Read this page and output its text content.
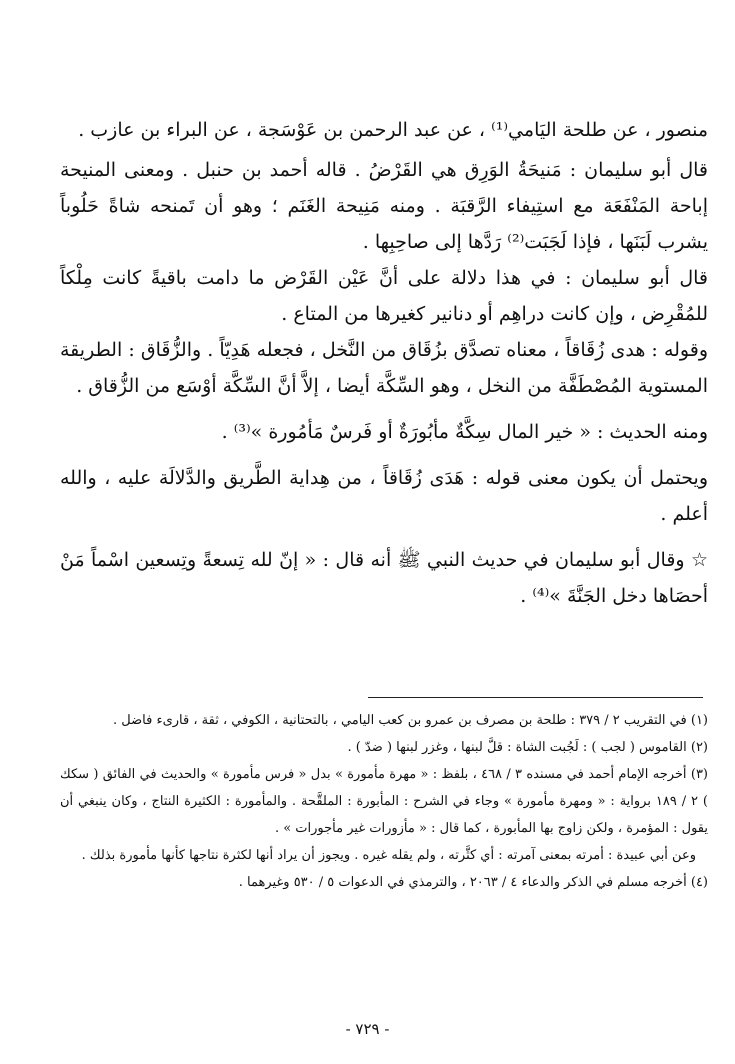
منصور ، عن طلحة اليَامي⁽¹⁾ ، عن عبد الرحمن بن عَوْسَجة ، عن البراء بن عازب .

قال أبو سليمان : مَنيحَةُ الوَرِق هي القَرْضُ . قاله أحمد بن حنبل . ومعنى المنيحة إباحة المَنْفَعَة مع استِيفاء الرَّقبَة . ومنه مَنِيحة الغَنَم ؛ وهو أن تَمنحه شاةً حَلُوباً يشرب لَبَنَها ، فإذا لَجَبَت⁽²⁾ رَدَّها إلى صاحِبِها .

قال أبو سليمان : في هذا دلالة على أنَّ عَيْن القَرْض ما دامت باقيةً كانت مِلْكاً للمُقْرِض ، وإن كانت دراهِم أو دنانير كغيرها من المتاع .

وقوله : هدى زُقَاقاً ، معناه تصدَّق بزُقَاق من النَّخل ، فجعله هَدِيّاً . والزُّقَاق : الطريقة المستوية المُصْطَفَّة من النخل ، وهو السِّكَّة أيضا ، إلاَّ أنَّ السِّكَّة أوْسَع من الزُّقاق .

ومنه الحديث : « خير المال سِكَّةٌ مأبُورَةٌ أو فَرسٌ مَأمُورة »⁽³⁾ .

ويحتمل أن يكون معنى قوله : هَدَى زُقَاقاً ، من هِداية الطَّريق والدَّلالَة عليه ، والله أعلم .

☆ وقال أبو سليمان في حديث النبي ﷺ أنه قال : « إنّ لله تِسعةً وتِسعين اسْماً مَنْ أحصَاها دخل الجَنَّةَ »⁽⁴⁾ .

(١) في التقريب ٢ / ٣٧٩ : طلحة بن مصرف بن عمرو بن كعب اليامي ، بالتحتانية ، الكوفي ، ثقة ، قارىء فاضل .

(٢) القاموس ( لجب ) : لَجُبت الشاة : قلَّ لبنها ، وغزر لبنها ( ضدّ ) .

(٣) أخرجه الإمام أحمد في مسنده ٣ / ٤٦٨ ، بلفظ : « مهرة مأمورة » بدل « فرس مأمورة » والحديث في الفائق ( سكك ) ٢ / ١٨٩ برواية : « ومهرة مأمورة » وجاء في الشرح : المأبورة : الملقَّحة . والمأمورة : الكثيرة النتاج ، وكان ينبغي أن يقول : المؤمرة ، ولكن زاوج بها المأبورة ، كما قال : « مأزورات غير مأجورات » .

وعن أبي عبيدة : أمرته بمعنى آمرته : أي كثَّرته ، ولم يقله غيره . ويجوز أن يراد أنها لكثرة نتاجها كأنها مأمورة بذلك .

(٤) أخرجه مسلم في الذكر والدعاء ٤ / ٢٠٦٣ ، والترمذي في الدعوات ٥ / ٥٣٠ وغيرهما .

- ٧٢٩ -
